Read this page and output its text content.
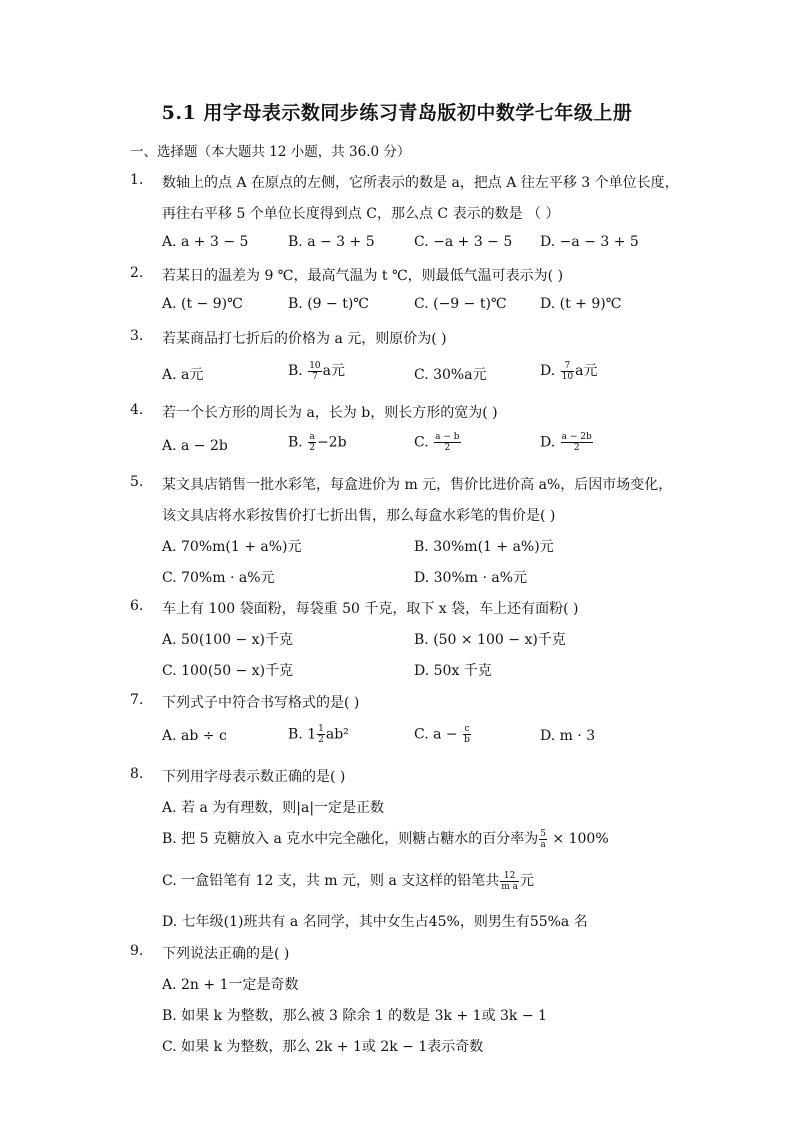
5.1 用字母表示数同步练习青岛版初中数学七年级上册
一、选择题（本大题共 12 小题，共 36.0 分）
1.	数轴上的点 A 在原点的左侧，它所表示的数是 a，把点 A 往左平移 3 个单位长度，
再往右平移 5 个单位长度得到点 C，那么点 C 表示的数是 （ ）
A. a + 3 − 5	B. a − 3 + 5	C. −a + 3 − 5 D. −a − 3 + 5
2.	若某日的温差为 9 ℃，最高气温为 t ℃，则最低气温可表示为( )
A. (t − 9)℃	B. (9 − t)℃	C. (−9 − t)℃ D. (t + 9)℃
3.	若某商品打七折后的价格为 a 元，则原价为( )
A. a元	B. $\frac{10}{7}$ a元	C. 30%a元	D. $\frac{7}{10}$ a元
4.	若一个长方形的周长为 a，长为 b，则长方形的宽为( )
A. a − 2b	B. $\frac{a}{2} -2b$	C. $\frac{a - b}{2}$	D. $\frac{a - 2b}{2}$
5.	某文具店销售一批水彩笔，每盒进价为 m 元，售价比进价高 a%，后因市场变化，
该文具店将水彩按售价打七折出售，那么每盒水彩笔的售价是( )
A. 70%m(1 + a%)元	B. 30%m(1 + a%)元
C. 70%m · a%元	D. 30%m · a%元
6.	车上有 100 袋面粉，每袋重 50 千克，取下 x 袋，车上还有面粉( )
A. 50(100 − x)千克	B. (50 × 100 − x)千克
C. 100(50 − x)千克	D. 50x 千克
7.	下列式子中符合书写格式的是( )
A. ab ÷ c	B. $1 \frac{1}{2} ab^2$	C. $a - \frac{c}{b}$	D. m · 3
8.	下列用字母表示数正确的是( )
A. 若 a 为有理数，则|a|一定是正数
B. 把 5 克糖放入 a 克水中完全融化，则糖占糖水的百分率为 $\frac{5}{a} \times 100\%$
C. 一盒铅笔有 12 支，共 m 元，则 a 支这样的铅笔共 $\frac{12}{\text{m a}}$ 元
D. 七年级(1)班共有 a 名同学，其中女生占45%，则男生有55%a 名
9.	下列说法正确的是( )
A. 2n + 1一定是奇数
B. 如果 k 为整数，那么被 3 除余 1 的数是 3k + 1或 3k − 1
C. 如果 k 为整数，那么 2k + 1或 2k − 1表示奇数
